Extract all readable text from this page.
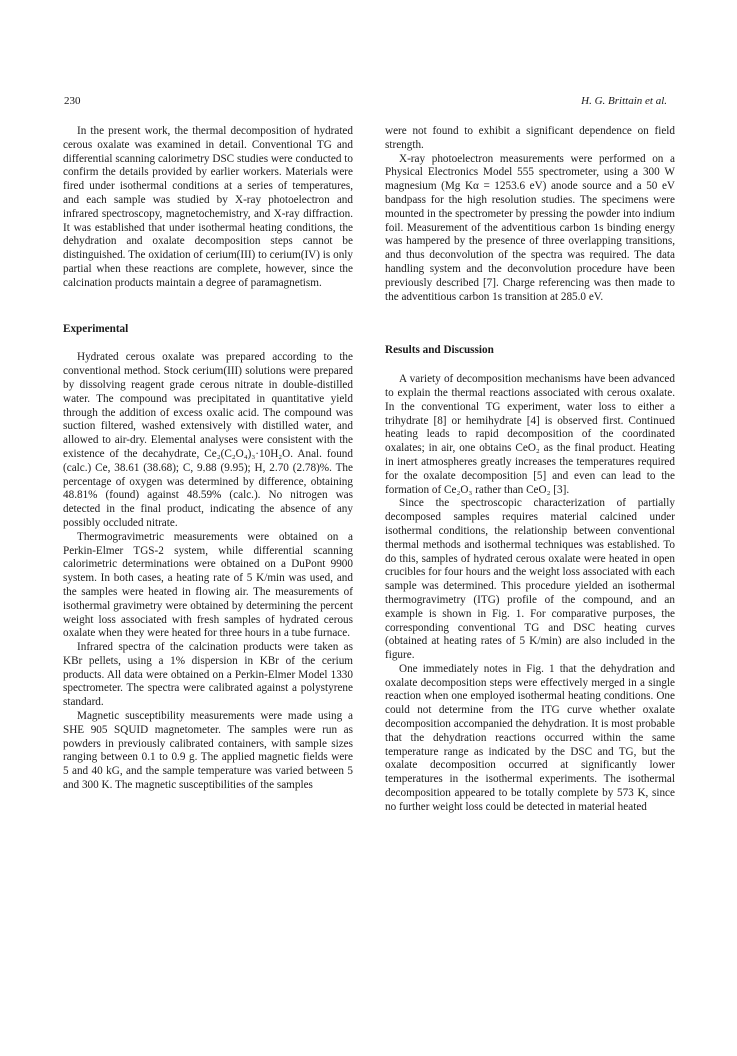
230	H. G. Brittain et al.

In the present work, the thermal decomposition of hydrated cerous oxalate was examined in detail. Conventional TG and differential scanning calorimetry DSC studies were conducted to confirm the details provided by earlier workers. Materials were fired under isothermal conditions at a series of temperatures, and each sample was studied by X-ray photoelectron and infrared spectroscopy, magnetochemistry, and X-ray diffraction. It was established that under isothermal heating conditions, the dehydration and oxalate decomposition steps cannot be distinguished. The oxidation of cerium(III) to cerium(IV) is only partial when these reactions are complete, however, since the calcination products maintain a degree of paramagnetism.

Experimental

Hydrated cerous oxalate was prepared according to the conventional method. Stock cerium(III) solutions were prepared by dissolving reagent grade cerous nitrate in double-distilled water. The compound was precipitated in quantitative yield through the addition of excess oxalic acid. The compound was suction filtered, washed extensively with distilled water, and allowed to air-dry. Elemental analyses were consistent with the existence of the decahydrate, Ce₂(C₂O₄)₃·10H₂O. Anal. found (calc.) Ce, 38.61 (38.68); C, 9.88 (9.95); H, 2.70 (2.78)%. The percentage of oxygen was determined by difference, obtaining 48.81% (found) against 48.59% (calc.). No nitrogen was detected in the final product, indicating the absence of any possibly occluded nitrate.

Thermogravimetric measurements were obtained on a Perkin-Elmer TGS-2 system, while differential scanning calorimetric determinations were obtained on a DuPont 9900 system. In both cases, a heating rate of 5 K/min was used, and the samples were heated in flowing air. The measurements of isothermal gravimetry were obtained by determining the percent weight loss associated with fresh samples of hydrated cerous oxalate when they were heated for three hours in a tube furnace.

Infrared spectra of the calcination products were taken as KBr pellets, using a 1% dispersion in KBr of the cerium products. All data were obtained on a Perkin-Elmer Model 1330 spectrometer. The spectra were calibrated against a polystyrene standard.

Magnetic susceptibility measurements were made using a SHE 905 SQUID magnetometer. The samples were run as powders in previously calibrated containers, with sample sizes ranging between 0.1 to 0.9 g. The applied magnetic fields were 5 and 40 kG, and the sample temperature was varied between 5 and 300 K. The magnetic susceptibilities of the samples

were not found to exhibit a significant dependence on field strength.

X-ray photoelectron measurements were performed on a Physical Electronics Model 555 spectrometer, using a 300 W magnesium (Mg Kα = 1253.6 eV) anode source and a 50 eV bandpass for the high resolution studies. The specimens were mounted in the spectrometer by pressing the powder into indium foil. Measurement of the adventitious carbon 1s binding energy was hampered by the presence of three overlapping transitions, and thus deconvolution of the spectra was required. The data handling system and the deconvolution procedure have been previously described [7]. Charge referencing was then made to the adventitious carbon 1s transition at 285.0 eV.

Results and Discussion

A variety of decomposition mechanisms have been advanced to explain the thermal reactions associated with cerous oxalate. In the conventional TG experiment, water loss to either a trihydrate [8] or hemihydrate [4] is observed first. Continued heating leads to rapid decomposition of the coordinated oxalates; in air, one obtains CeO₂ as the final product. Heating in inert atmospheres greatly increases the temperatures required for the oxalate decomposition [5] and even can lead to the formation of Ce₂O₃ rather than CeO₂ [3].

Since the spectroscopic characterization of partially decomposed samples requires material calcined under isothermal conditions, the relationship between conventional thermal methods and isothermal techniques was established. To do this, samples of hydrated cerous oxalate were heated in open crucibles for four hours and the weight loss associated with each sample was determined. This procedure yielded an isothermal thermogravimetry (ITG) profile of the compound, and an example is shown in Fig. 1. For comparative purposes, the corresponding conventional TG and DSC heating curves (obtained at heating rates of 5 K/min) are also included in the figure.

One immediately notes in Fig. 1 that the dehydration and oxalate decomposition steps were effectively merged in a single reaction when one employed isothermal heating conditions. One could not determine from the ITG curve whether oxalate decomposition accompanied the dehydration. It is most probable that the dehydration reactions occurred within the same temperature range as indicated by the DSC and TG, but the oxalate decomposition occurred at significantly lower temperatures in the isothermal experiments. The isothermal decomposition appeared to be totally complete by 573 K, since no further weight loss could be detected in material heated
